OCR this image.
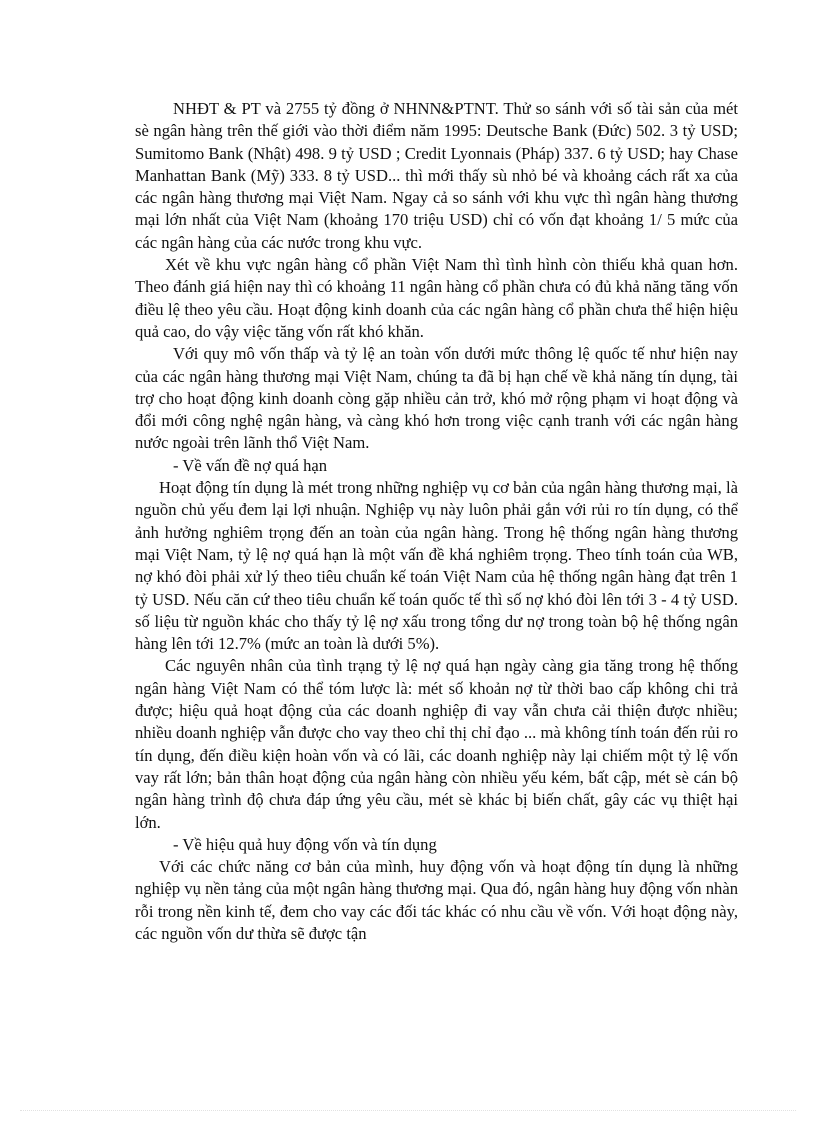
NHĐT & PT và 2755 tỷ đồng ở NHNN&PTNT. Thử so sánh với số tài sản của mét sè ngân hàng trên thế giới vào thời điểm năm 1995: Deutsche Bank (Đức) 502. 3 tỷ USD; Sumitomo Bank (Nhật) 498. 9 tỷ USD ; Credit Lyonnais (Pháp) 337. 6 tỷ USD; hay Chase Manhattan Bank (Mỹ) 333. 8 tỷ USD... thì mới thấy sù nhỏ bé và khoảng cách rất xa của các ngân hàng thương mại Việt Nam. Ngay cả so sánh với khu vực thì ngân hàng thương mại lớn nhất của Việt Nam (khoảng 170 triệu USD) chỉ có vốn đạt khoảng 1/ 5 mức của các ngân hàng của các nước trong khu vực.

Xét về khu vực ngân hàng cổ phần Việt Nam thì tình hình còn thiếu khả quan hơn. Theo đánh giá hiện nay thì có khoảng 11 ngân hàng cổ phần chưa có đủ khả năng tăng vốn điều lệ theo yêu cầu. Hoạt động kinh doanh của các ngân hàng cổ phần chưa thể hiện hiệu quả cao, do vậy việc tăng vốn rất khó khăn.

Với quy mô vốn thấp và tỷ lệ an toàn vốn dưới mức thông lệ quốc tế như hiện nay của các ngân hàng thương mại Việt Nam, chúng ta đã bị hạn chế về khả năng tín dụng, tài trợ cho hoạt động kinh doanh còng gặp nhiều cản trở, khó mở rộng phạm vi hoạt động và đổi mới công nghệ ngân hàng, và càng khó hơn trong việc cạnh tranh với các ngân hàng nước ngoài trên lãnh thổ Việt Nam.

- Về vấn đề nợ quá hạn

Hoạt động tín dụng là mét trong những nghiệp vụ cơ bản của ngân hàng thương mại, là nguồn chủ yếu đem lại lợi nhuận. Nghiệp vụ này luôn phải gắn với rủi ro tín dụng, có thể ảnh hưởng nghiêm trọng đến an toàn của ngân hàng. Trong hệ thống ngân hàng thương mại Việt Nam, tỷ lệ nợ quá hạn là một vấn đề khá nghiêm trọng. Theo tính toán của WB, nợ khó đòi phải xử lý theo tiêu chuẩn kế toán Việt Nam của hệ thống ngân hàng đạt trên 1 tỷ USD. Nếu căn cứ theo tiêu chuẩn kế toán quốc tế thì số nợ khó đòi lên tới 3 - 4 tỷ USD. số liệu từ nguồn khác cho thấy tỷ lệ nợ xấu trong tổng dư nợ trong toàn bộ hệ thống ngân hàng lên tới 12.7% (mức an toàn là dưới 5%).

Các nguyên nhân của tình trạng tỷ lệ nợ quá hạn ngày càng gia tăng trong hệ thống ngân hàng Việt Nam có thể tóm lược là: mét số khoản nợ từ thời bao cấp không chi trả được; hiệu quả hoạt động của các doanh nghiệp đi vay vẫn chưa cải thiện được nhiều; nhiều doanh nghiệp vẫn được cho vay theo chỉ thị chỉ đạo ... mà không tính toán đến rủi ro tín dụng, đến điều kiện hoàn vốn và có lãi, các doanh nghiệp này lại chiếm một tỷ lệ vốn vay rất lớn; bản thân hoạt động của ngân hàng còn nhiều yếu kém, bất cập, mét sè cán bộ ngân hàng trình độ chưa đáp ứng yêu cầu, mét sè khác bị biến chất, gây các vụ thiệt hại lớn.

- Về hiệu quả huy động vốn và tín dụng

Với các chức năng cơ bản của mình, huy động vốn và hoạt động tín dụng là những nghiệp vụ nền tảng của một ngân hàng thương mại. Qua đó, ngân hàng huy động vốn nhàn rỗi trong nền kinh tế, đem cho vay các đối tác khác có nhu cầu về vốn. Với hoạt động này, các nguồn vốn dư thừa sẽ được tận
